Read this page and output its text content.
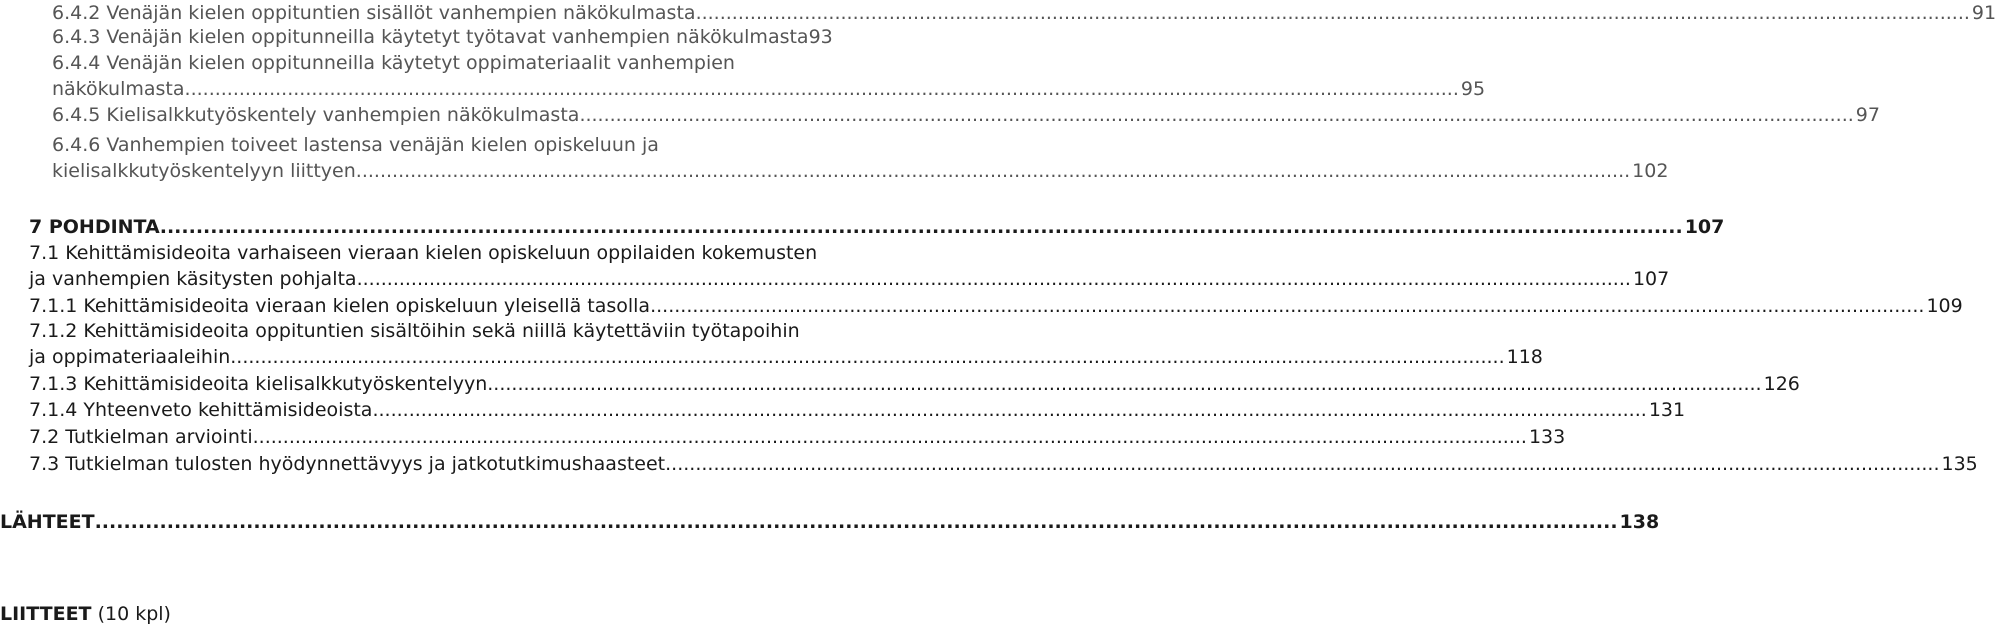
6.4.2 Venäjän kielen oppituntien sisällöt vanhempien näkökulmasta .....	91
6.4.3 Venäjän kielen oppitunneilla käytetyt työtavat vanhempien näkökulmasta 93
6.4.4 Venäjän kielen oppitunneilla käytetyt oppimateriaalit vanhempien
näkökulmasta .....	95
6.4.5 Kielisalkkutyöskentely vanhempien näkökulmasta .....	97
6.4.6 Vanhempien toiveet lastensa venäjän kielen opiskeluun ja
kielisalkkutyöskentelyyn liittyen .....	102
7 POHDINTA .....	107
7.1 Kehittämisideoita varhaiseen vieraan kielen opiskeluun oppilaiden kokemusten
ja vanhempien käsitysten pohjalta .....	107
7.1.1 Kehittämisideoita vieraan kielen opiskeluun yleisellä tasolla .....	109
7.1.2 Kehittämisideoita oppituntien sisältöihin sekä niillä käytettäviin työtapoihin
ja oppimateriaaleihin .....	118
7.1.3 Kehittämisideoita kielisalkkutyöskentelyyn .....	126
7.1.4 Yhteenveto kehittämisideoista .....	131
7.2 Tutkielman arviointi .....	133
7.3 Tutkielman tulosten hyödynnettävyys ja jatkotutkimushaasteet .....	135
LÄHTEET .....	138
LIITTEET (10 kpl)
